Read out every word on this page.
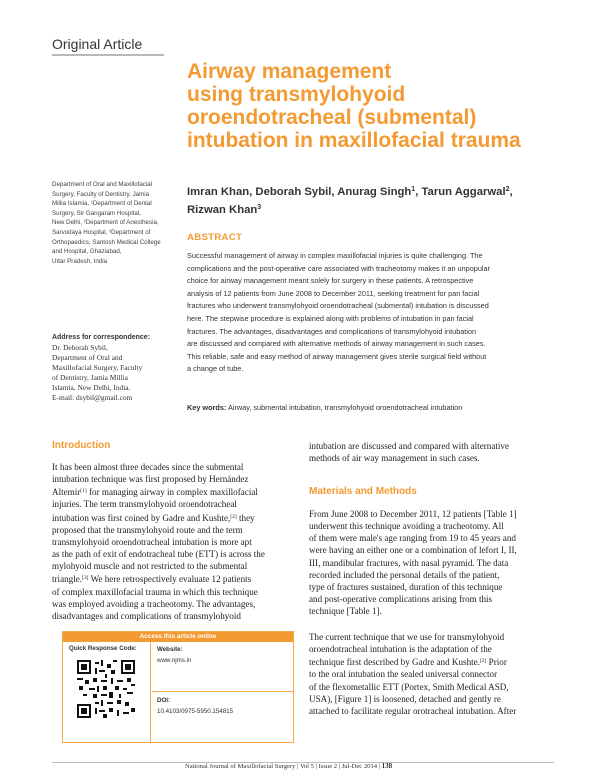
Original Article
Airway management
using transmylohyoid
oroendotracheal (submental)
intubation in maxillofacial trauma
Imran Khan, Deborah Sybil, Anurag Singh$^1$, Tarun Aggarwal$^2$,
Rizwan Khan$^3$
Department of Oral and Maxillofacial
Surgery, Faculty of Dentistry, Jamia
Millia Islamia, ¹Department of Dental
Surgery, Sir Gangaram Hospital,
New Delhi, ²Department of Anesthesia,
Sarvodaya Hospital, ³Department of
Orthopaedics, Santosh Medical College
and Hospital, Ghaziabad,
Uttar Pradesh, India
Address for correspondence:
Dr. Deborah Sybil,
Department of Oral and
Maxillofacial Surgery, Faculty
of Dentistry, Jamia Millia
Islamia, New Delhi, India.
E-mail: dsybil@gmail.com
ABSTRACT
Successful management of airway in complex maxillofacial injuries is quite challenging. The
complications and the post-operative care associated with tracheotomy makes it an unpopular
choice for airway management meant solely for surgery in these patients. A retrospective
analysis of 12 patients from June 2008 to December 2011, seeking treatment for pan facial
fractures who underwent transmylohyoid oroendotracheal (submental) intubation is discussed
here. The stepwise procedure is explained along with problems of intubation in pan facial
fractures. The advantages, disadvantages and complications of transmylohyoid intubation
are discussed and compared with alternative methods of airway management in such cases.
This reliable, safe and easy method of airway management gives sterile surgical field without
a change of tube.
Key words: Airway, submental intubation, transmylohyoid oroendotracheal intubation
Introduction
It has been almost three decades since the submental
intubation technique was first proposed by Hernández
Altemir[1] for managing airway in complex maxillofacial
injuries. The term transmylohyoid oroendotracheal
intubation was first coined by Gadre and Kushte,[2] they
proposed that the transmylohyoid route and the term
transmylohyoid oroendotracheal intubation is more apt
as the path of exit of endotracheal tube (ETT) is across the
mylohyoid muscle and not restricted to the submental
triangle.[3] We here retrospectively evaluate 12 patients
of complex maxillofacial trauma in which this technique
was employed avoiding a tracheotomy. The advantages,
disadvantages and complications of transmylohyoid
Access this article online
Quick Response Code:	Website:
www.njms.in
DOI:
10.4103/0975-5950.154815
intubation are discussed and compared with alternative
methods of air way management in such cases.
Materials and Methods
From June 2008 to December 2011, 12 patients [Table 1]
underwent this technique avoiding a tracheotomy. All
of them were male's age ranging from 19 to 45 years and
were having an either one or a combination of lefort I, II,
III, mandibular fractures, with nasal pyramid. The data
recorded included the personal details of the patient,
type of fractures sustained, duration of this technique
and post-operative complications arising from this
technique [Table 1].
The current technique that we use for transmylohyoid
oroendotracheal intubation is the adaptation of the
technique first described by Gadre and Kushte.[2] Prior
to the oral intubation the sealed universal connector
of the flexometallic ETT (Portex, Smith Medical ASD,
USA), [Figure 1] is loosened, detached and gently re
attached to facilitate regular orotracheal intubation. After
National Journal of Maxillofacial Surgery | Vol 5 | Issue 2 | Jul-Dec 2014 | 138
